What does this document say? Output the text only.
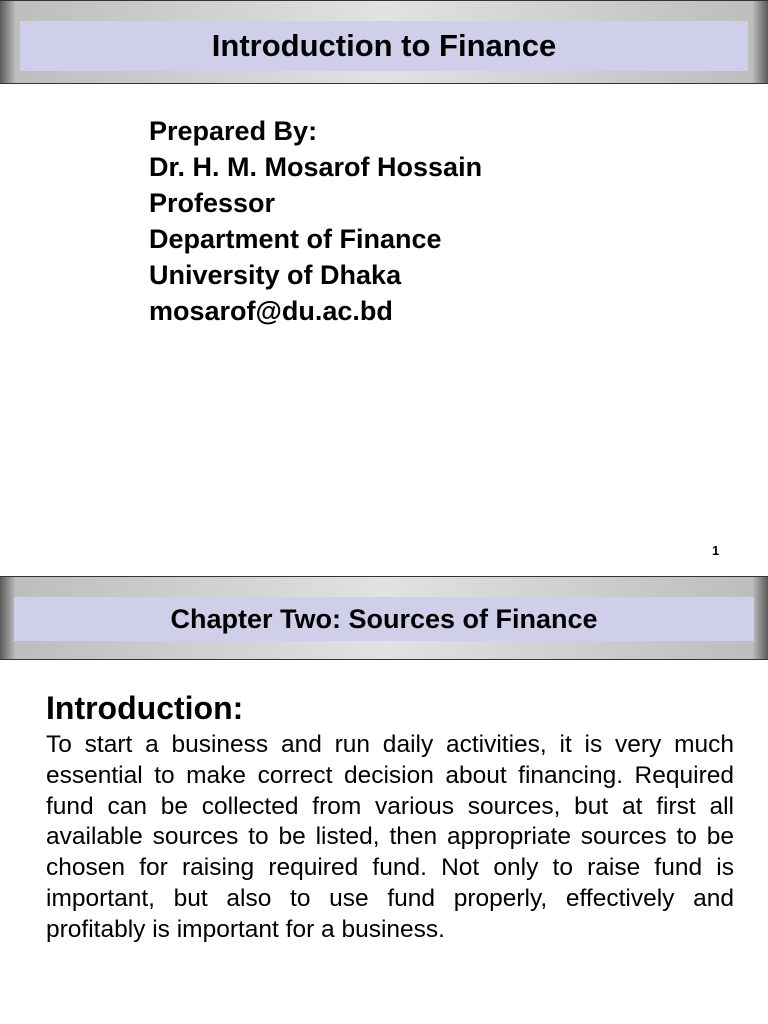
Introduction to Finance
Prepared By:
Dr. H. M. Mosarof Hossain
Professor
Department of Finance
University of Dhaka
mosarof@du.ac.bd
1
Chapter Two: Sources of Finance
Introduction:
To start a business and run daily activities, it is very much essential to make correct decision about financing. Required fund can be collected from various sources, but at first all available sources to be listed, then appropriate sources to be chosen for raising required fund. Not only to raise fund is important, but also to use fund properly, effectively and profitably is important for a business.
